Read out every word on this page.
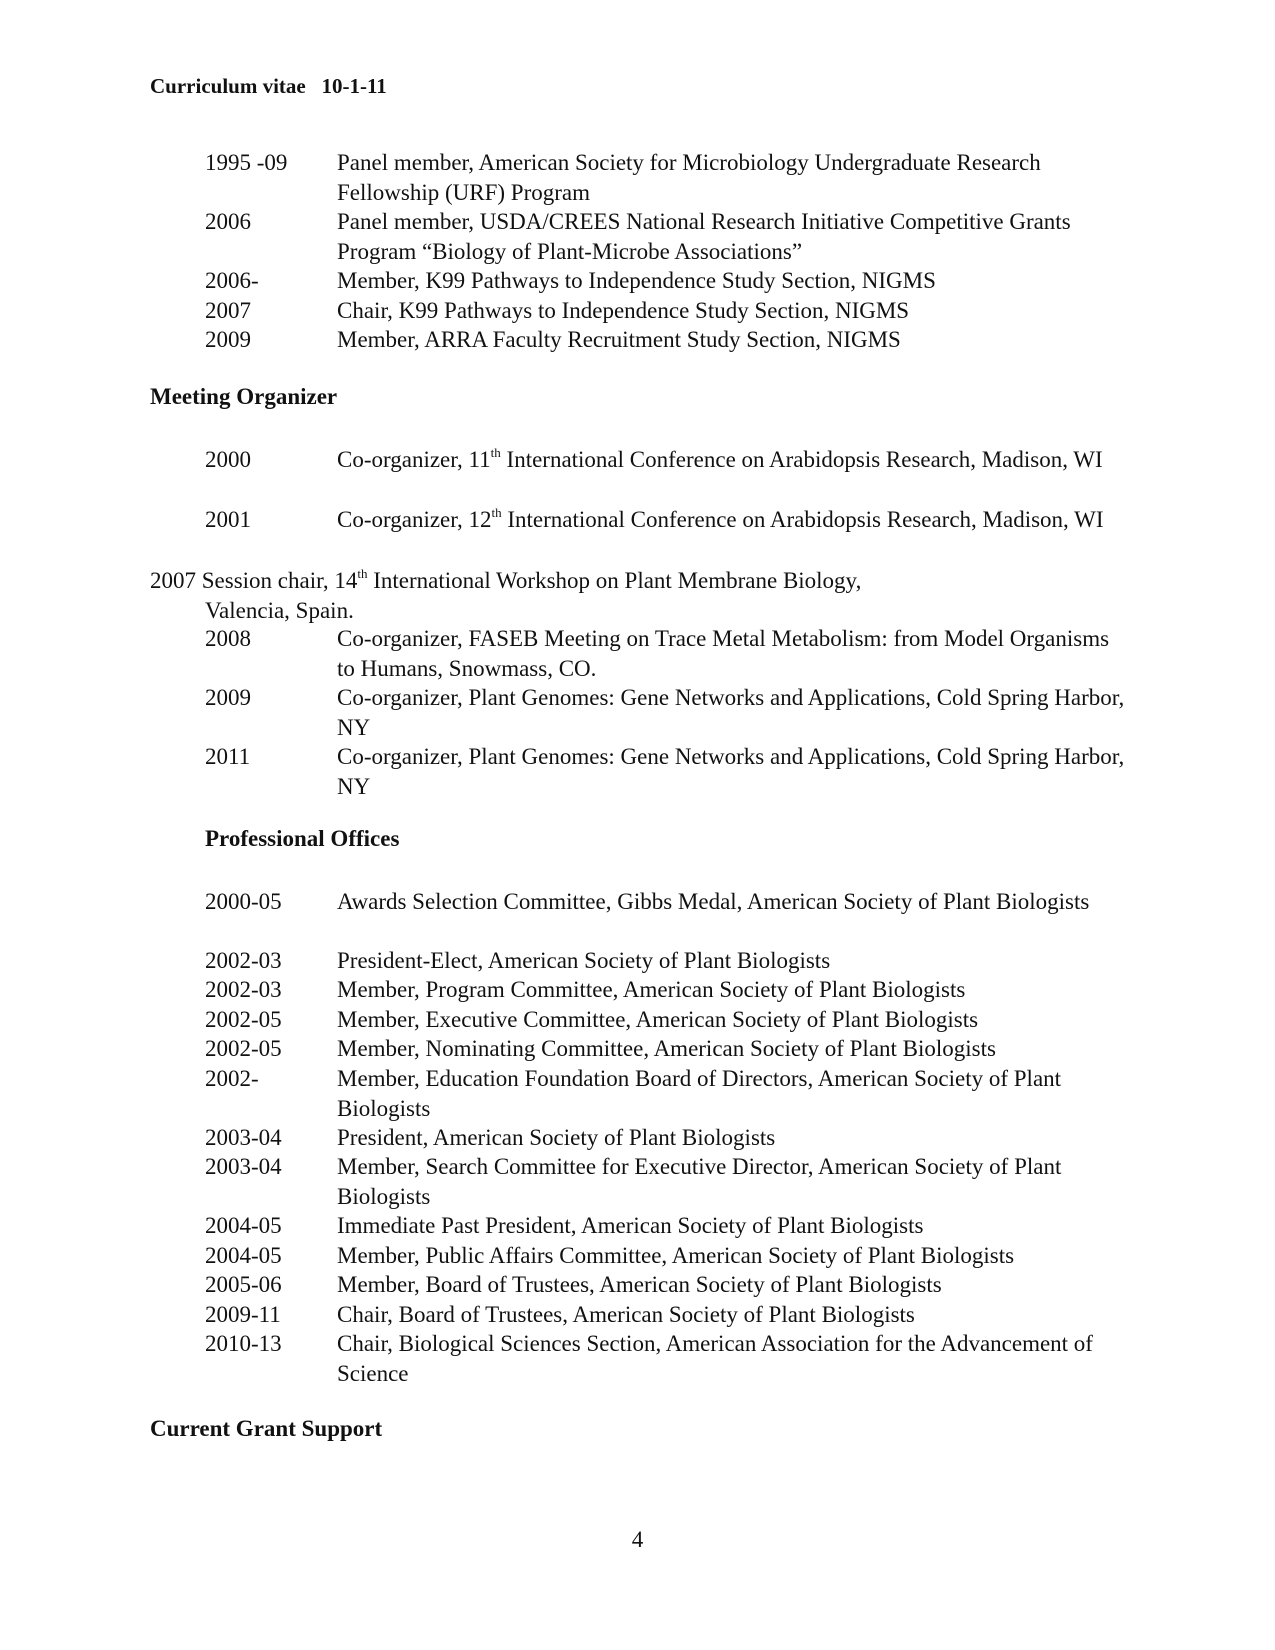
Curriculum vitae   10-1-11
1995 -09 Panel member, American Society for Microbiology Undergraduate Research Fellowship (URF) Program
2006	Panel member, USDA/CREES National Research Initiative Competitive Grants Program “Biology of Plant-Microbe Associations”
2006-	Member, K99 Pathways to Independence Study Section, NIGMS
2007	Chair, K99 Pathways to Independence Study Section, NIGMS
2009	Member, ARRA Faculty Recruitment Study Section, NIGMS
Meeting Organizer
2000	Co-organizer, 11th International Conference on Arabidopsis Research, Madison, WI
2001	Co-organizer, 12th International Conference on Arabidopsis Research, Madison, WI
2007 Session chair, 14th International Workshop on Plant Membrane Biology,
Valencia, Spain.
2008	Co-organizer, FASEB Meeting on Trace Metal Metabolism: from Model Organisms to Humans, Snowmass, CO.
2009	Co-organizer, Plant Genomes: Gene Networks and Applications, Cold Spring Harbor, NY
2011	Co-organizer, Plant Genomes: Gene Networks and Applications, Cold Spring Harbor, NY
Professional Offices
2000-05 Awards Selection Committee, Gibbs Medal, American Society of Plant Biologists
2002-03 President-Elect, American Society of Plant Biologists
2002-03 Member, Program Committee, American Society of Plant Biologists
2002-05 Member, Executive Committee, American Society of Plant Biologists
2002-05 Member, Nominating Committee, American Society of Plant Biologists
2002-	Member, Education Foundation Board of Directors, American Society of Plant Biologists
2003-04 President, American Society of Plant Biologists
2003-04 Member, Search Committee for Executive Director, American Society of Plant Biologists
2004-05 Immediate Past President, American Society of Plant Biologists
2004-05 Member, Public Affairs Committee, American Society of Plant Biologists
2005-06 Member, Board of Trustees, American Society of Plant Biologists
2009-11 Chair, Board of Trustees, American Society of Plant Biologists
2010-13 Chair, Biological Sciences Section, American Association for the Advancement of Science
Current Grant Support
4
